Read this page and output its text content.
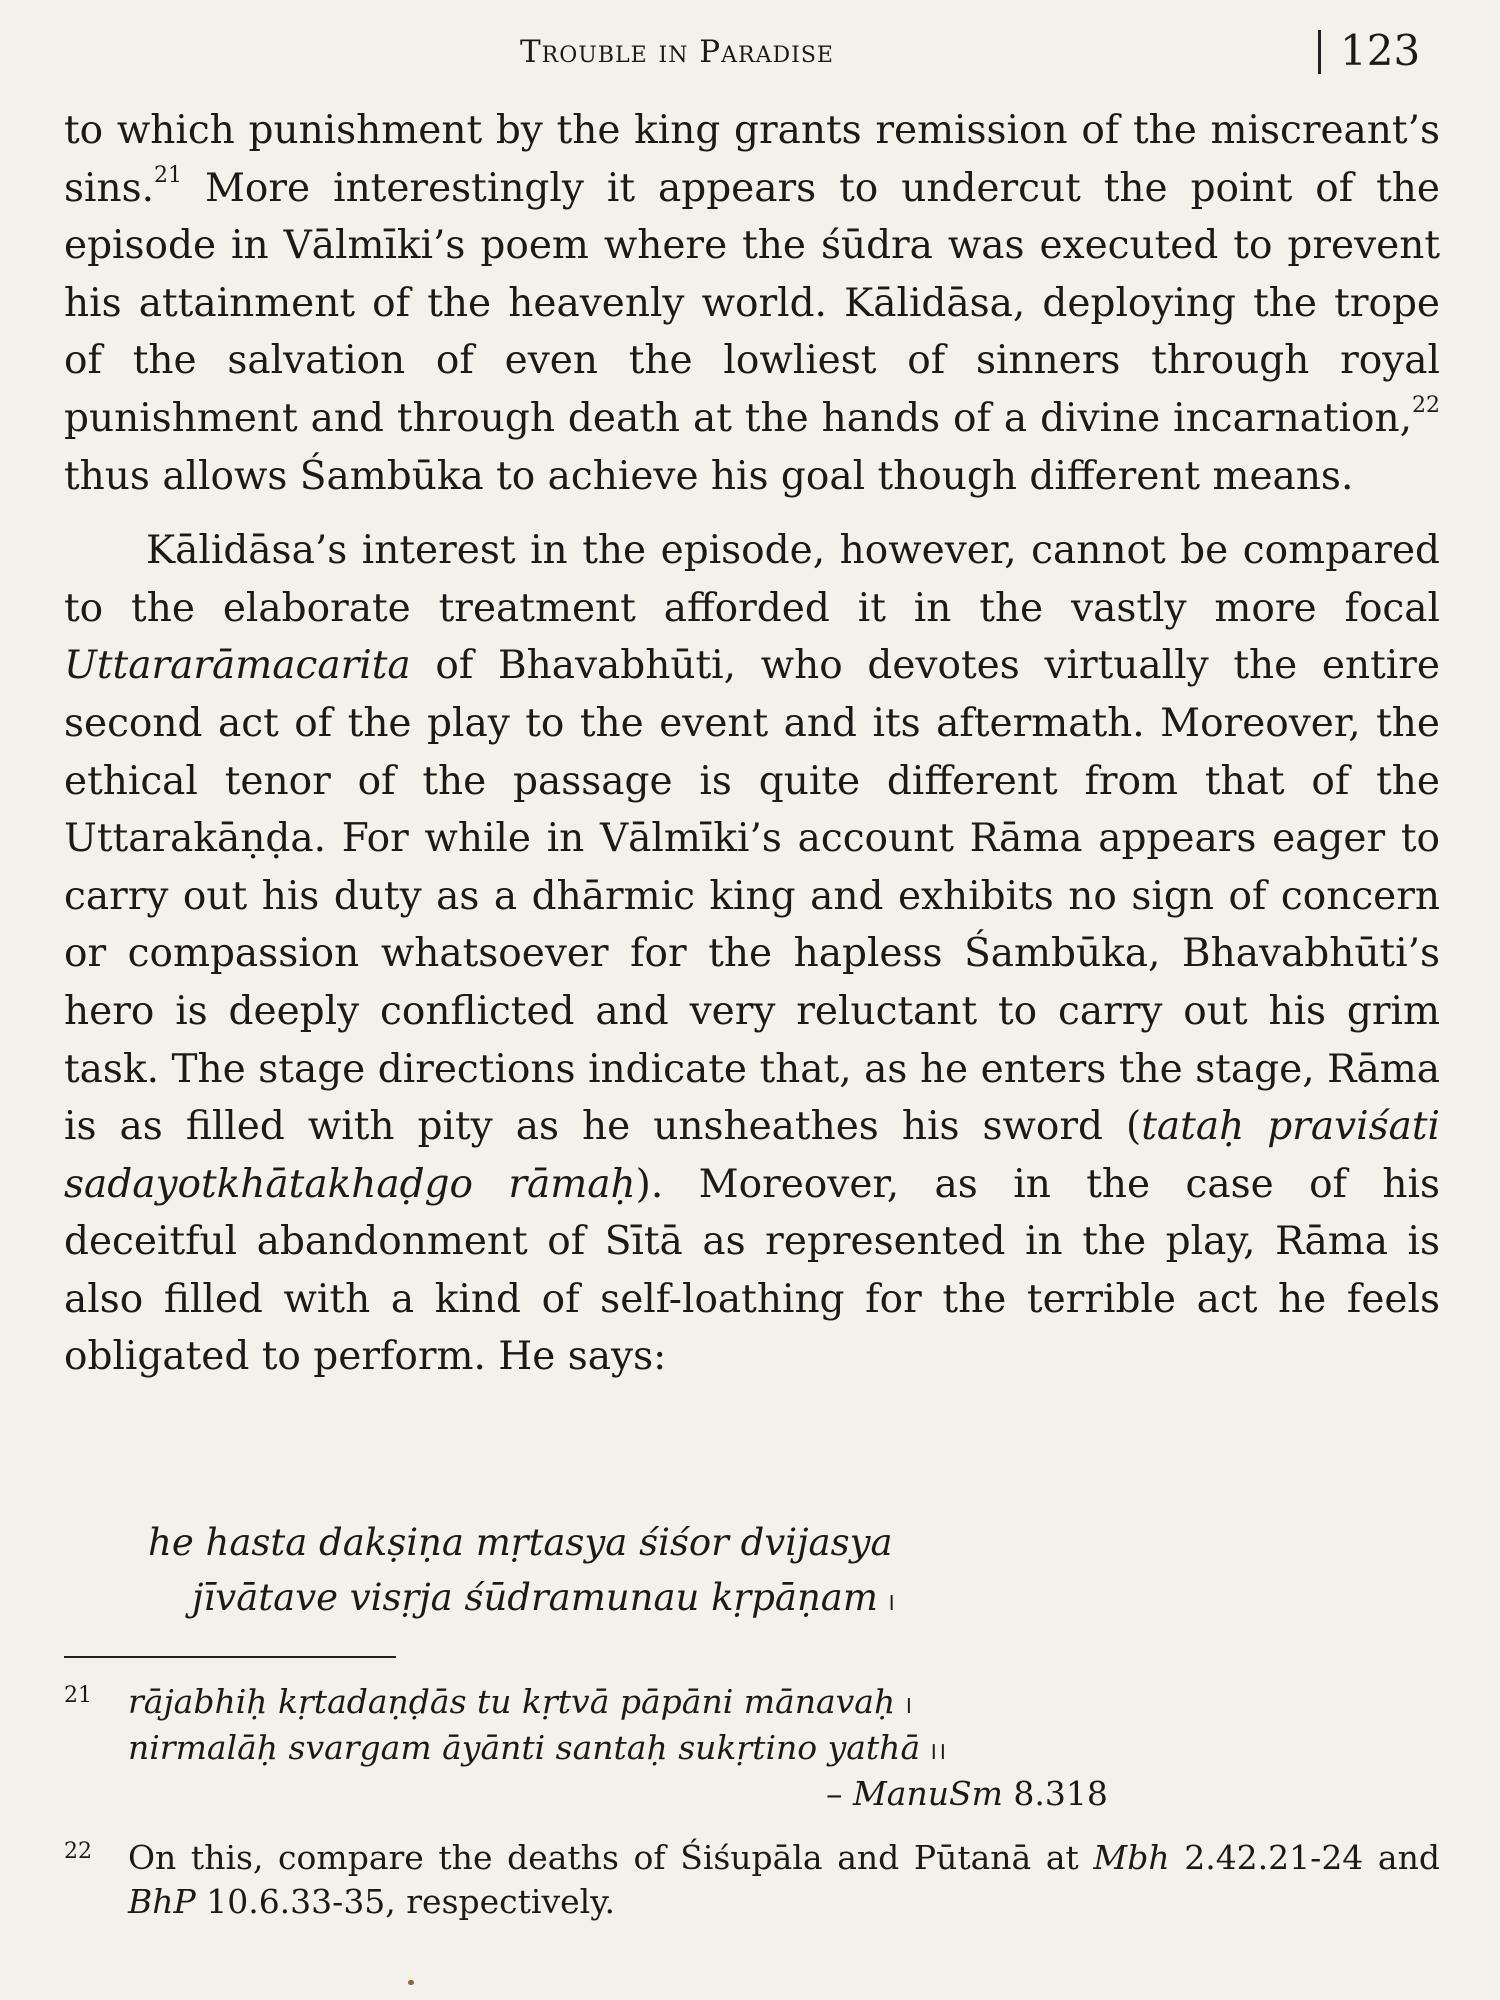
Trouble in Paradise	123

to which punishment by the king grants remission of the miscreant’s sins.$^{21}$ More interestingly it appears to undercut the point of the episode in Vālmīki’s poem where the śūdra was executed to prevent his attainment of the heavenly world. Kālidāsa, deploying the trope of the salvation of even the lowliest of sinners through royal punishment and through death at the hands of a divine incarnation,$^{22}$ thus allows Śambūka to achieve his goal though different means.

Kālidāsa’s interest in the episode, however, cannot be compared to the elaborate treatment afforded it in the vastly more focal Uttararāmacarita of Bhavabhūti, who devotes virtually the entire second act of the play to the event and its aftermath. Moreover, the ethical tenor of the passage is quite different from that of the Uttarakāṇḍa. For while in Vālmīki’s account Rāma appears eager to carry out his duty as a dhārmic king and exhibits no sign of concern or compassion whatsoever for the hapless Śambūka, Bhavabhūti’s hero is deeply conflicted and very reluctant to carry out his grim task. The stage directions indicate that, as he enters the stage, Rāma is as filled with pity as he unsheathes his sword (tataḥ praviśati sadayotkhātakhaḍgo rāmaḥ). Moreover, as in the case of his deceitful abandonment of Sītā as represented in the play, Rāma is also filled with a kind of self-loathing for the terrible act he feels obligated to perform. He says:

he hasta dakṣiṇa mṛtasya śiśor dvijasya
jīvātave visṛja śūdramunau kṛpāṇam ।
21 rājabhiḥ kṛtadaṇḍās tu kṛtvā pāpāni mānavaḥ ।
nirmalāḥ svargam āyānti santaḥ sukṛtino yathā ।।
– ManuSm 8.318
22 On this, compare the deaths of Śiśupāla and Pūtanā at Mbh 2.42.21-24 and BhP 10.6.33-35, respectively.
